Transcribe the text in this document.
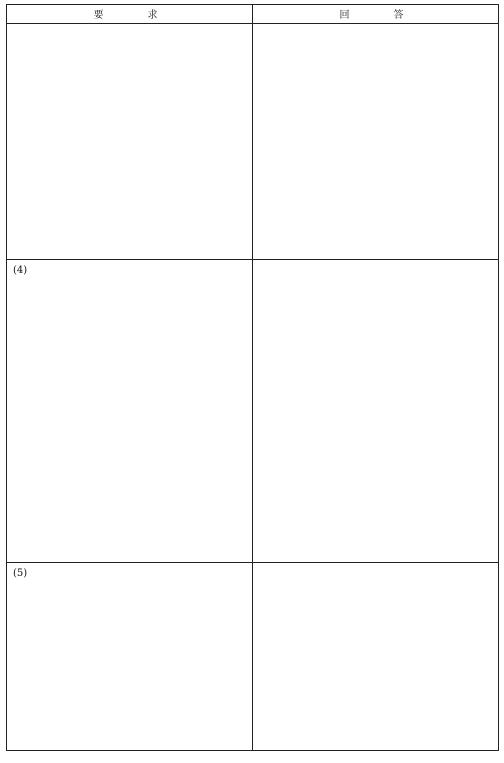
要　　求	回　　答

(4)	

(5)	
